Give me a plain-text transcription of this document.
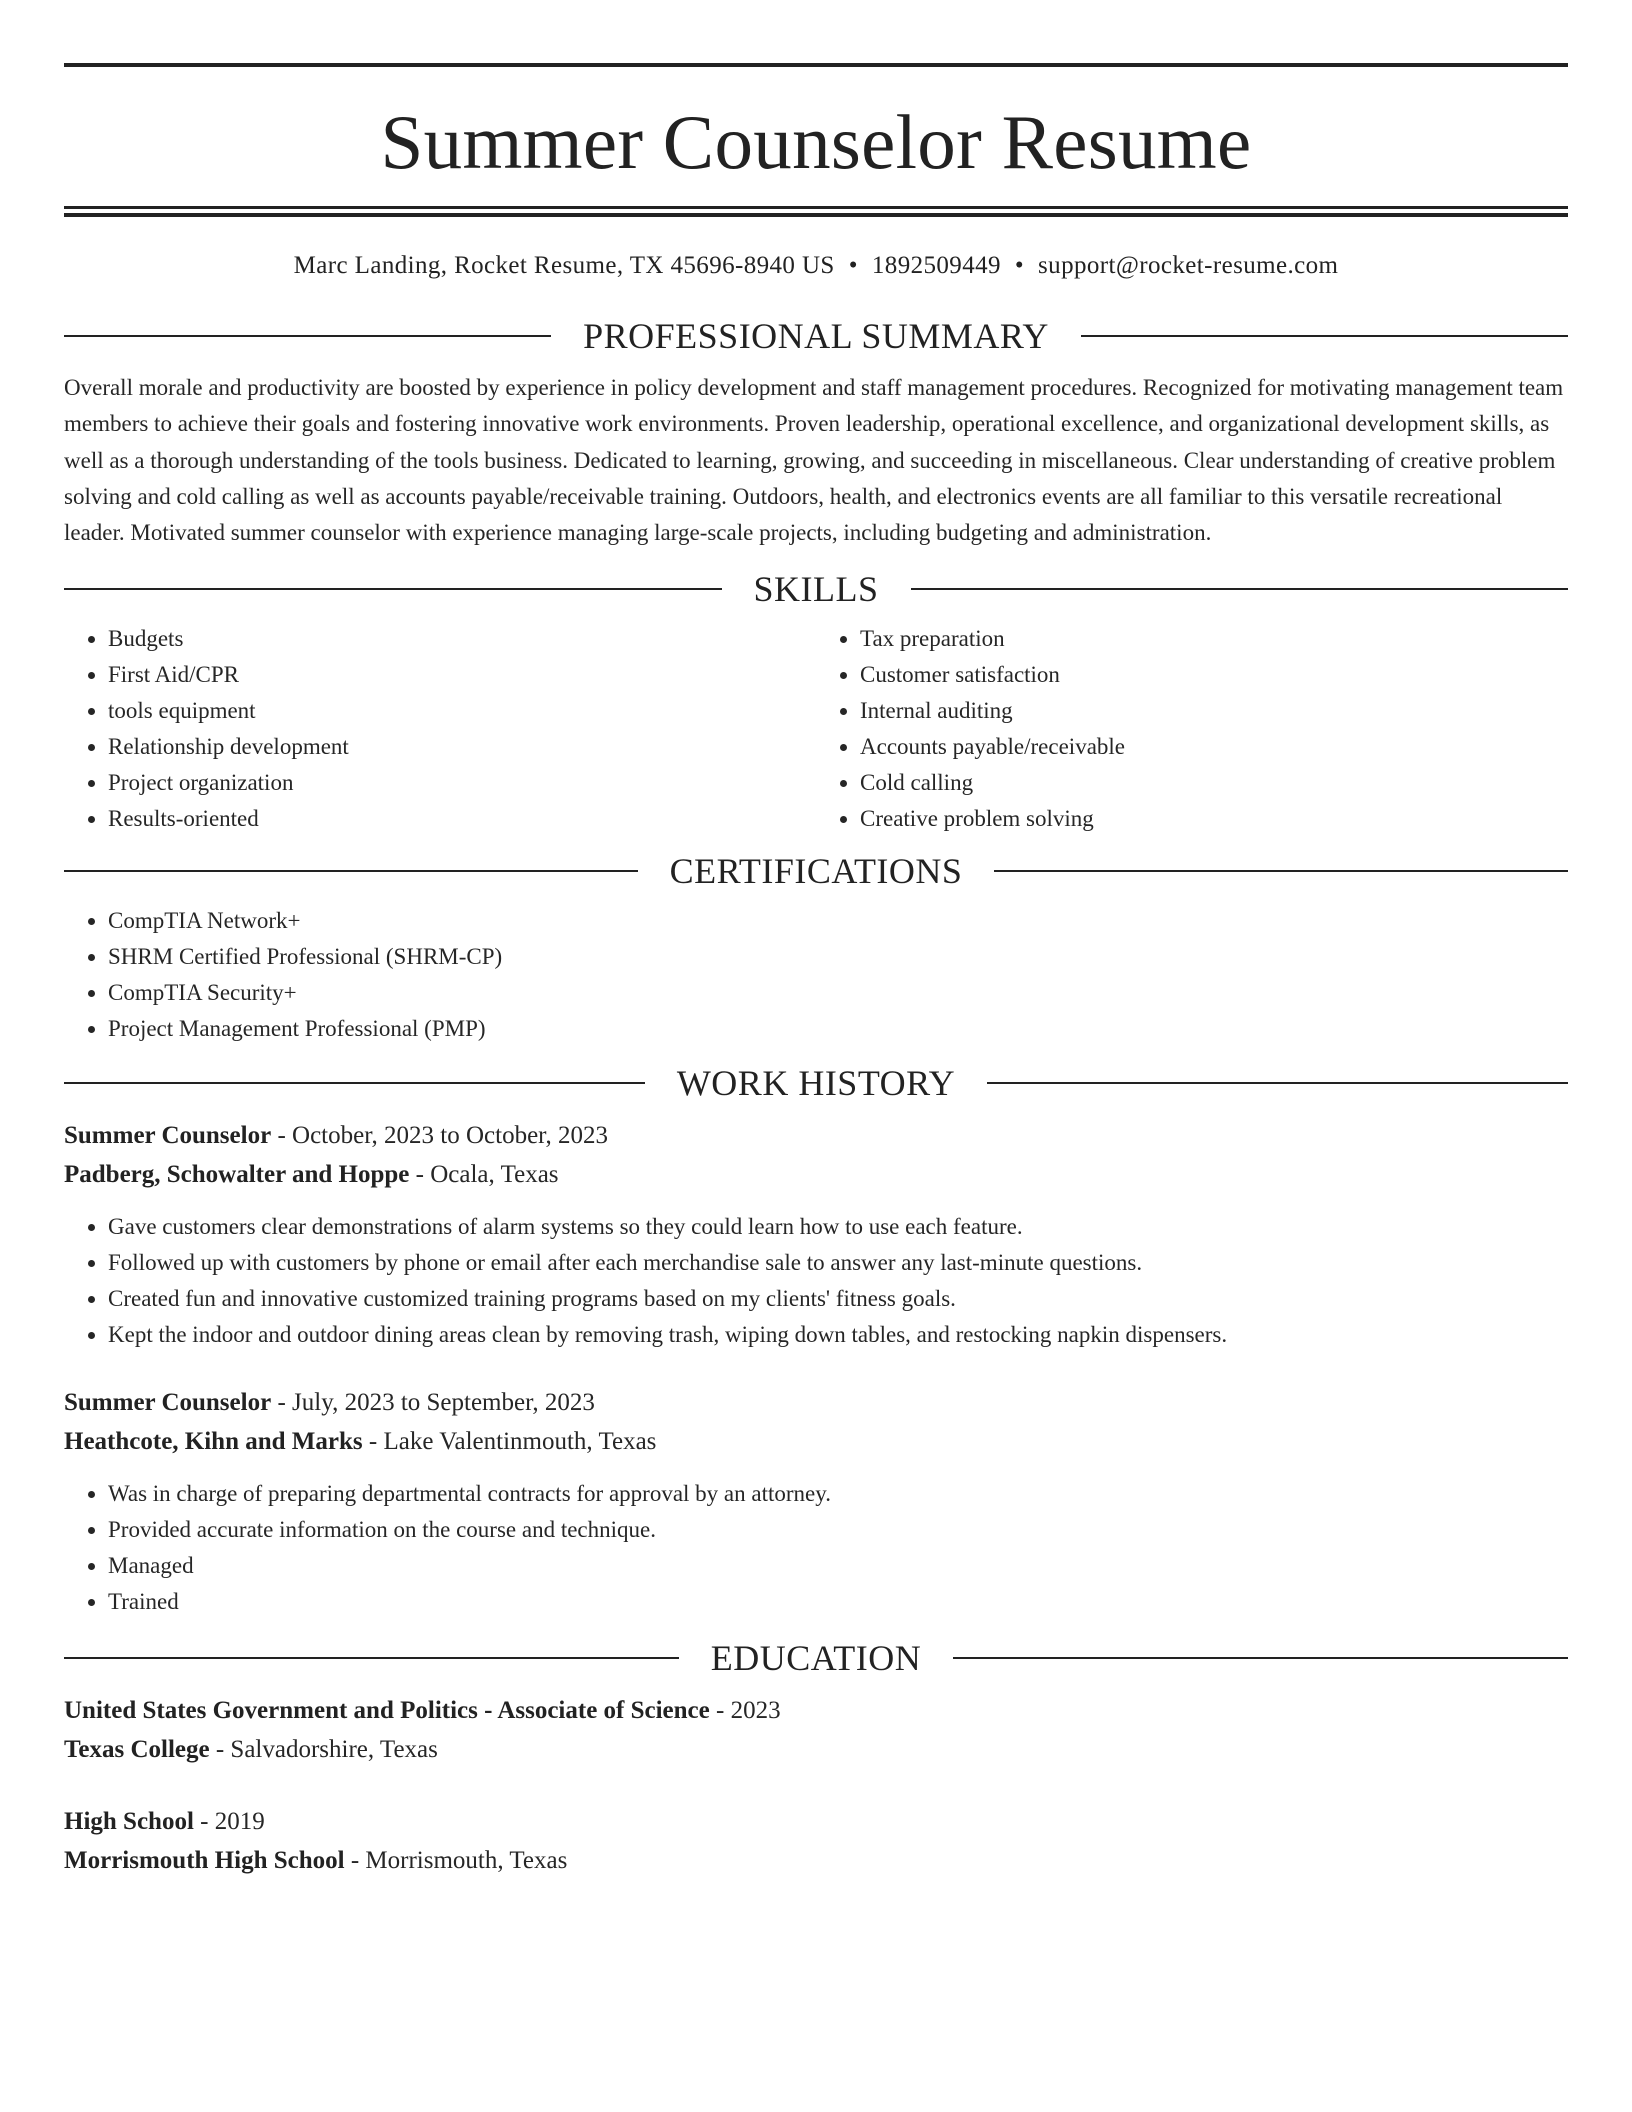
Summer Counselor Resume
Marc Landing, Rocket Resume, TX 45696-8940 US • 1892509449 • support@rocket-resume.com
PROFESSIONAL SUMMARY

Overall morale and productivity are boosted by experience in policy development and staff management procedures. Recognized for motivating management team members to achieve their goals and fostering innovative work environments. Proven leadership, operational excellence, and organizational development skills, as well as a thorough understanding of the tools business. Dedicated to learning, growing, and succeeding in miscellaneous. Clear understanding of creative problem solving and cold calling as well as accounts payable/receivable training. Outdoors, health, and electronics events are all familiar to this versatile recreational leader. Motivated summer counselor with experience managing large-scale projects, including budgeting and administration.

SKILLS
• Budgets
• First Aid/CPR
• tools equipment
• Relationship development
• Project organization
• Results-oriented
• Tax preparation
• Customer satisfaction
• Internal auditing
• Accounts payable/receivable
• Cold calling
• Creative problem solving
CERTIFICATIONS
• CompTIA Network+
• SHRM Certified Professional (SHRM-CP)
• CompTIA Security+
• Project Management Professional (PMP)
WORK HISTORY

Summer Counselor - October, 2023 to October, 2023

Padberg, Schowalter and Hoppe - Ocala, Texas

• Gave customers clear demonstrations of alarm systems so they could learn how to use each feature.
• Followed up with customers by phone or email after each merchandise sale to answer any last-minute questions.
• Created fun and innovative customized training programs based on my clients' fitness goals.
• Kept the indoor and outdoor dining areas clean by removing trash, wiping down tables, and restocking napkin dispensers.

Summer Counselor - July, 2023 to September, 2023

Heathcote, Kihn and Marks - Lake Valentinmouth, Texas

• Was in charge of preparing departmental contracts for approval by an attorney.
• Provided accurate information on the course and technique.
• Managed
• Trained
EDUCATION

United States Government and Politics - Associate of Science - 2023

Texas College - Salvadorshire, Texas

High School - 2019

Morrismouth High School - Morrismouth, Texas
